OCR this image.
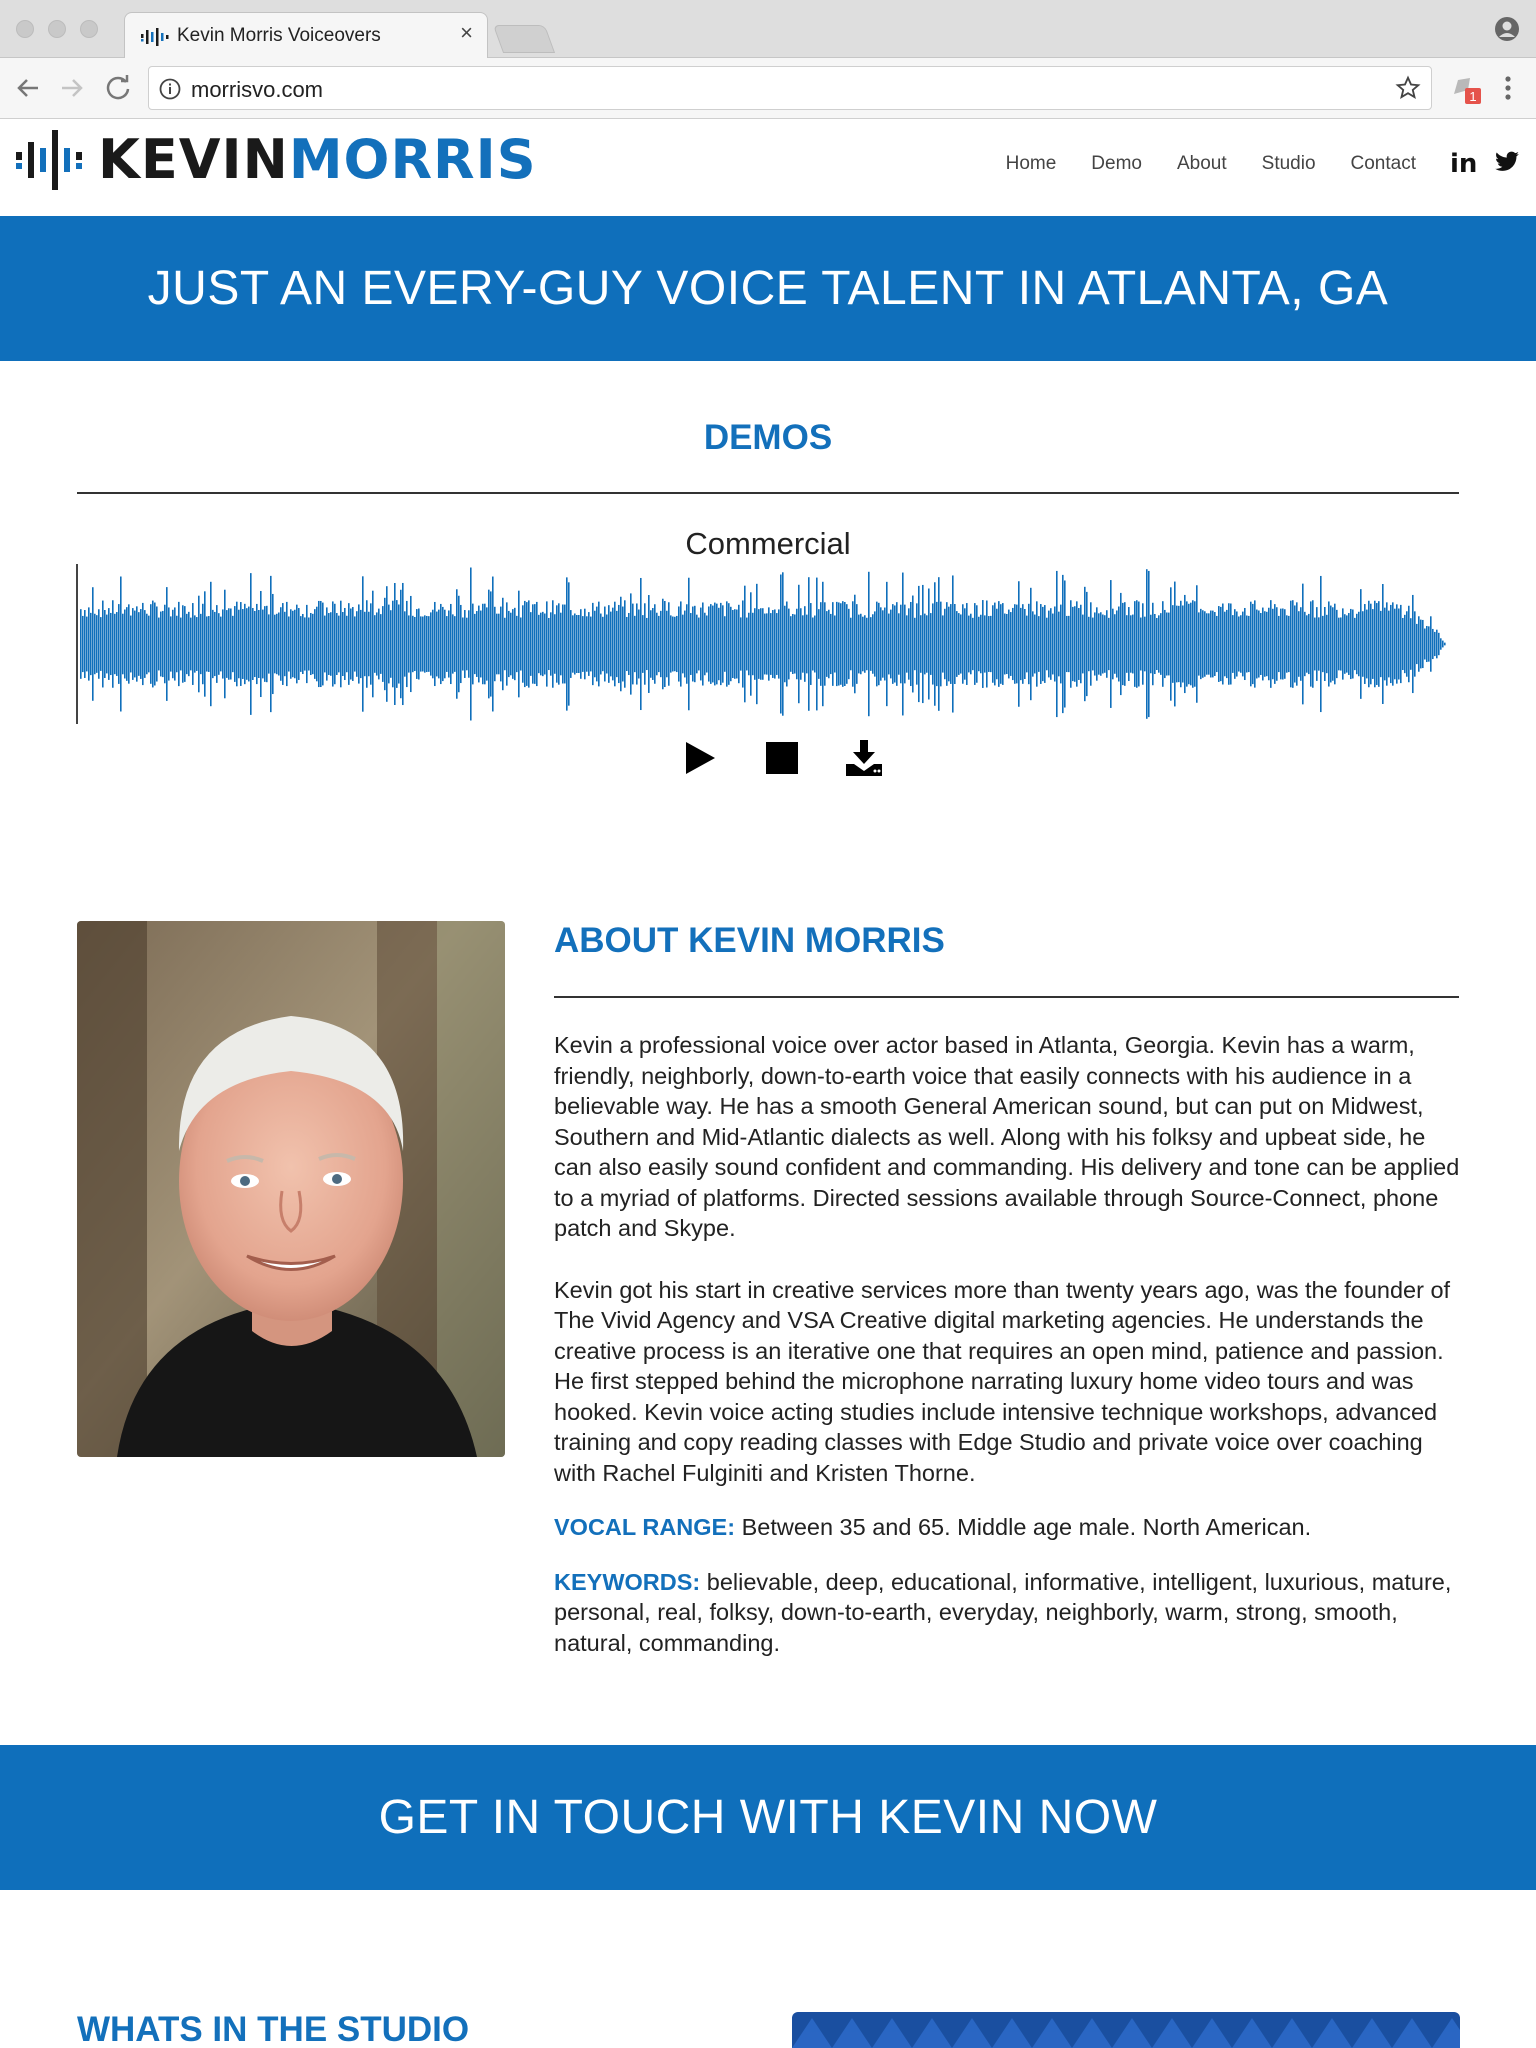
Kevin Morris Voiceovers	×
morrisvo.com	1
KEVINMORRIS	Home Demo About Studio Contact in
JUST AN EVERY-GUY VOICE TALENT IN ATLANTA, GA
DEMOS
Commercial
ABOUT KEVIN MORRIS

Kevin a professional voice over actor based in Atlanta, Georgia. Kevin has a warm, friendly, neighborly, down-to-earth voice that easily connects with his audience in a believable way. He has a smooth General American sound, but can put on Midwest, Southern and Mid-Atlantic dialects as well. Along with his folksy and upbeat side, he can also easily sound confident and commanding. His delivery and tone can be applied to a myriad of platforms. Directed sessions available through Source-Connect, phone patch and Skype.

Kevin got his start in creative services more than twenty years ago, was the founder of The Vivid Agency and VSA Creative digital marketing agencies. He understands the creative process is an iterative one that requires an open mind, patience and passion. He first stepped behind the microphone narrating luxury home video tours and was hooked. Kevin voice acting studies include intensive technique workshops, advanced training and copy reading classes with Edge Studio and private voice over coaching with Rachel Fulginiti and Kristen Thorne.

VOCAL RANGE: Between 35 and 65. Middle age male. North American.

KEYWORDS: believable, deep, educational, informative, intelligent, luxurious, mature, personal, real, folksy, down-to-earth, everyday, neighborly, warm, strong, smooth, natural, commanding.

GET IN TOUCH WITH KEVIN NOW
WHATS IN THE STUDIO
